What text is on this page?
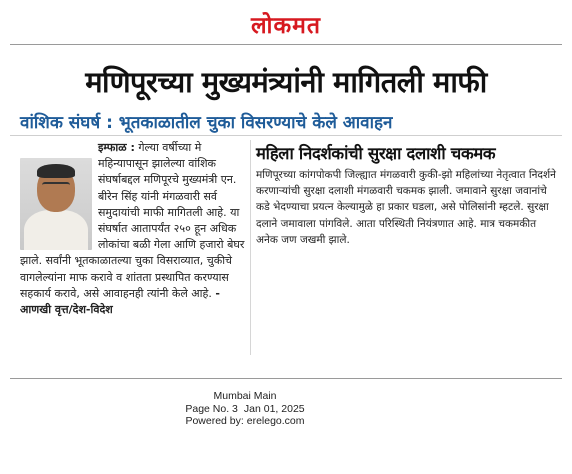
लोकमत
मणिपूरच्या मुख्यमंत्र्यांनी मागितली माफी
वांशिक संघर्ष : भूतकाळातील चुका विसरण्याचे केले आवाहन
इम्फाळ : गेल्या वर्षीच्या मे महिन्यापासून झालेल्या वांशिक संघर्षाबद्दल मणिपूरचे मुख्यमंत्री एन. बीरेन सिंह यांनी मंगळवारी सर्व समुदायांची माफी मागितली आहे. या संघर्षात आतापर्यंत २५० हून अधिक लोकांचा बळी गेला आणि हजारो बेघर झाले. सर्वांनी भूतकाळातल्या चुका विसराव्यात, चुकीचे वागलेल्यांना माफ करावे व शांतता प्रस्थापित करण्यास सहकार्य करावे, असे आवाहनही त्यांनी केले आहे. - आणखी वृत्त/देश-विदेश
महिला निदर्शकांची सुरक्षा दलाशी चकमक
मणिपूरच्या कांगपोकपी जिल्ह्यात मंगळवारी कुकी-झो महिलांच्या नेतृत्वात निदर्शने करणाऱ्यांची सुरक्षा दलाशी मंगळवारी चकमक झाली. जमावाने सुरक्षा जवानांचे कडे भेदण्याचा प्रयत्न केल्यामुळे हा प्रकार घडला, असे पोलिसांनी म्हटले. सुरक्षा दलाने जमावाला पांगविले. आता परिस्थिती नियंत्रणात आहे. मात्र चकमकीत अनेक जण जखमी झाले.
Mumbai Main
Page No. 3 Jan 01, 2025
Powered by: erelego.com
